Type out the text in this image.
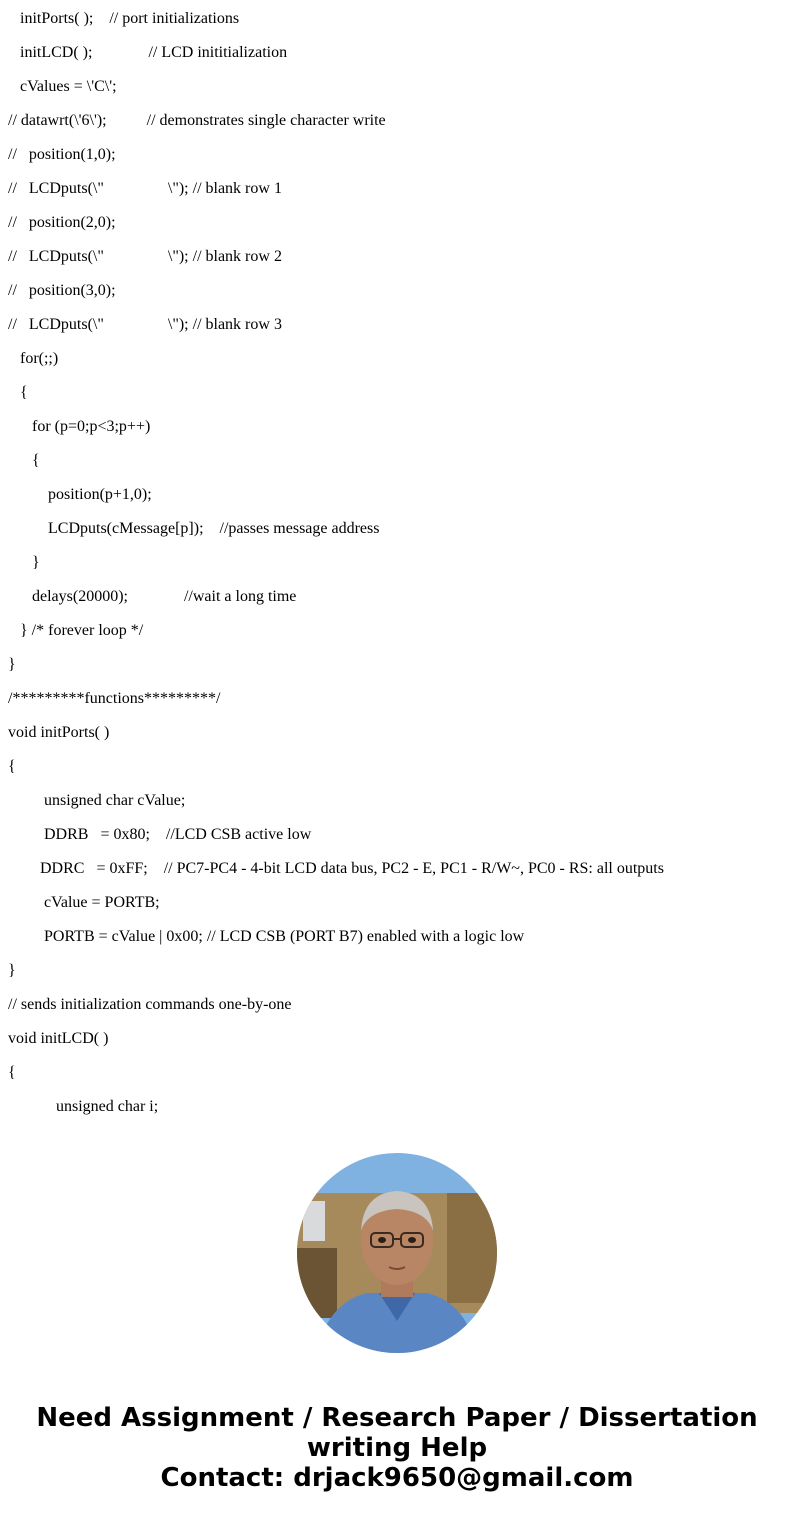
initPorts( );    // port initializations
initLCD( );              // LCD inititialization
cValues = \'C\';
// datawrt(\'6\');          // demonstrates single character write
//   position(1,0);
//   LCDputs(\"                \"); // blank row 1
//   position(2,0);
//   LCDputs(\"                \"); // blank row 2
//   position(3,0);
//   LCDputs(\"                \"); // blank row 3
for(;;)
{
for (p=0;p<3;p++)
{
position(p+1,0);
LCDputs(cMessage[p]);    //passes message address
}
delays(20000);              //wait a long time
} /* forever loop */
}
/*********functions*********/
void initPorts( )
{
unsigned char cValue;
DDRB   = 0x80;    //LCD CSB active low
DDRC   = 0xFF;    // PC7-PC4 - 4-bit LCD data bus, PC2 - E, PC1 - R/W~, PC0 - RS: all outputs
cValue = PORTB;
PORTB = cValue | 0x00; // LCD CSB (PORT B7) enabled with a logic low
}
// sends initialization commands one-by-one
void initLCD( )
{
unsigned char i;
Need Assignment / Research Paper / Dissertation
writing Help
Contact: drjack9650@gmail.com
